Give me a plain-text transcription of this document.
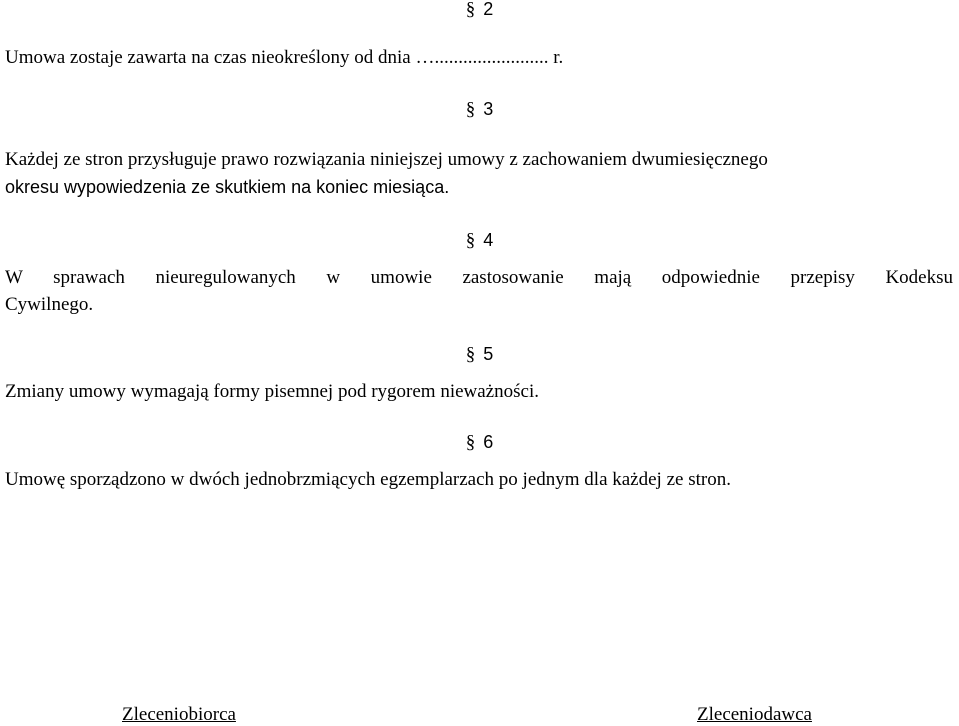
§ 2
Umowa zostaje zawarta na czas nieokreślony od dnia …........................ r.
§ 3
Każdej ze stron przysługuje prawo rozwiązania niniejszej umowy z zachowaniem dwumiesięcznego
okresu wypowiedzenia ze skutkiem na koniec miesiąca.
§ 4
W sprawach nieuregulowanych w umowie zastosowanie mają odpowiednie przepisy Kodeksu
Cywilnego.
§ 5
Zmiany umowy wymagają formy pisemnej pod rygorem nieważności.
§ 6
Umowę sporządzono w dwóch jednobrzmiących egzemplarzach po jednym dla każdej ze stron.
Zleceniobiorca	Zleceniodawca
